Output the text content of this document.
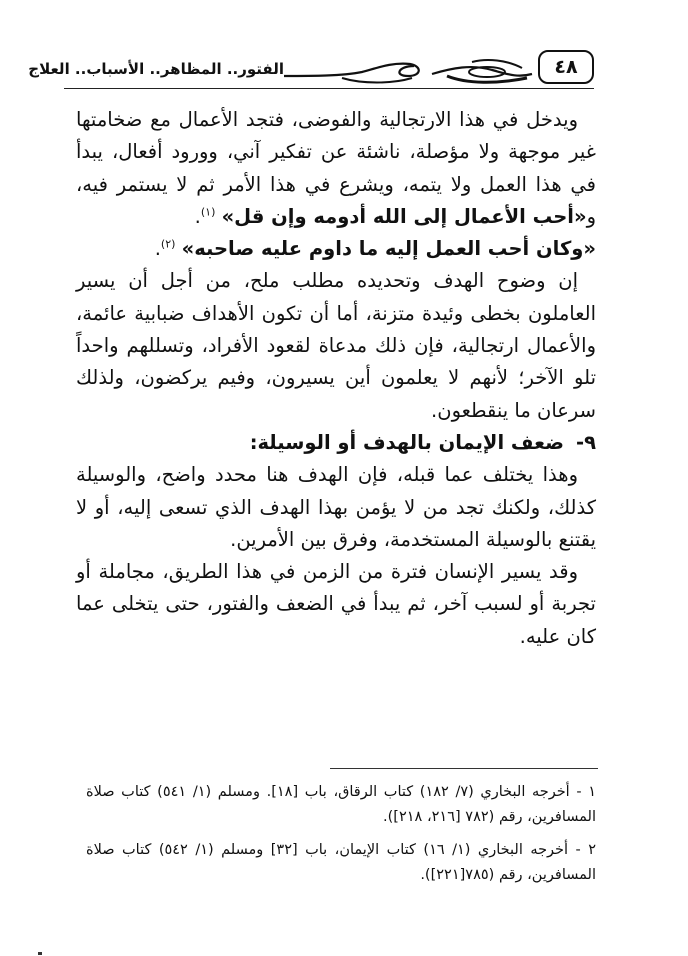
الفتور.. المظاهر.. الأسباب.. العلاج	٤٨

ويدخل في هذا الارتجالية والفوضى، فتجد الأعمال مع ضخامتها غير موجهة ولا مؤصلة، ناشئة عن تفكير آني، وورود أفعال، يبدأ في هذا العمل ولا يتمه، ويشرع في هذا الأمر ثم لا يستمر فيه، و«أحب الأعمال إلى الله أدومه وإن قل» $^{(١)}$.

«وكان أحب العمل إليه ما داوم عليه صاحبه» $^{(٢)}$.

إن وضوح الهدف وتحديده مطلب ملح، من أجل أن يسير العاملون بخطى وئيدة متزنة، أما أن تكون الأهداف ضبابية عائمة، والأعمال ارتجالية، فإن ذلك مدعاة لقعود الأفراد، وتسللهم واحداً تلو الآخر؛ لأنهم لا يعلمون أين يسيرون، وفيم يركضون، ولذلك سرعان ما ينقطعون.

٩-ضعف الإيمان بالهدف أو الوسيلة:

وهذا يختلف عما قبله، فإن الهدف هنا محدد واضح، والوسيلة كذلك، ولكنك تجد من لا يؤمن بهذا الهدف الذي تسعى إليه، أو لا يقتنع بالوسيلة المستخدمة، وفرق بين الأمرين.

وقد يسير الإنسان فترة من الزمن في هذا الطريق، مجاملة أو تجربة أو لسبب آخر، ثم يبدأ في الضعف والفتور، حتى يتخلى عما كان عليه.

١ - أخرجه البخاري (٧/ ١٨٢) كتاب الرقاق، باب [١٨]. ومسلم (١/ ٥٤١) كتاب صلاة المسافرين، رقم (٧٨٢ [٢١٦، ٢١٨]).

٢ - أخرجه البخاري (١/ ١٦) كتاب الإيمان، باب [٣٢] ومسلم (١/ ٥٤٢) كتاب صلاة المسافرين، رقم (٧٨٥[٢٢١]).
